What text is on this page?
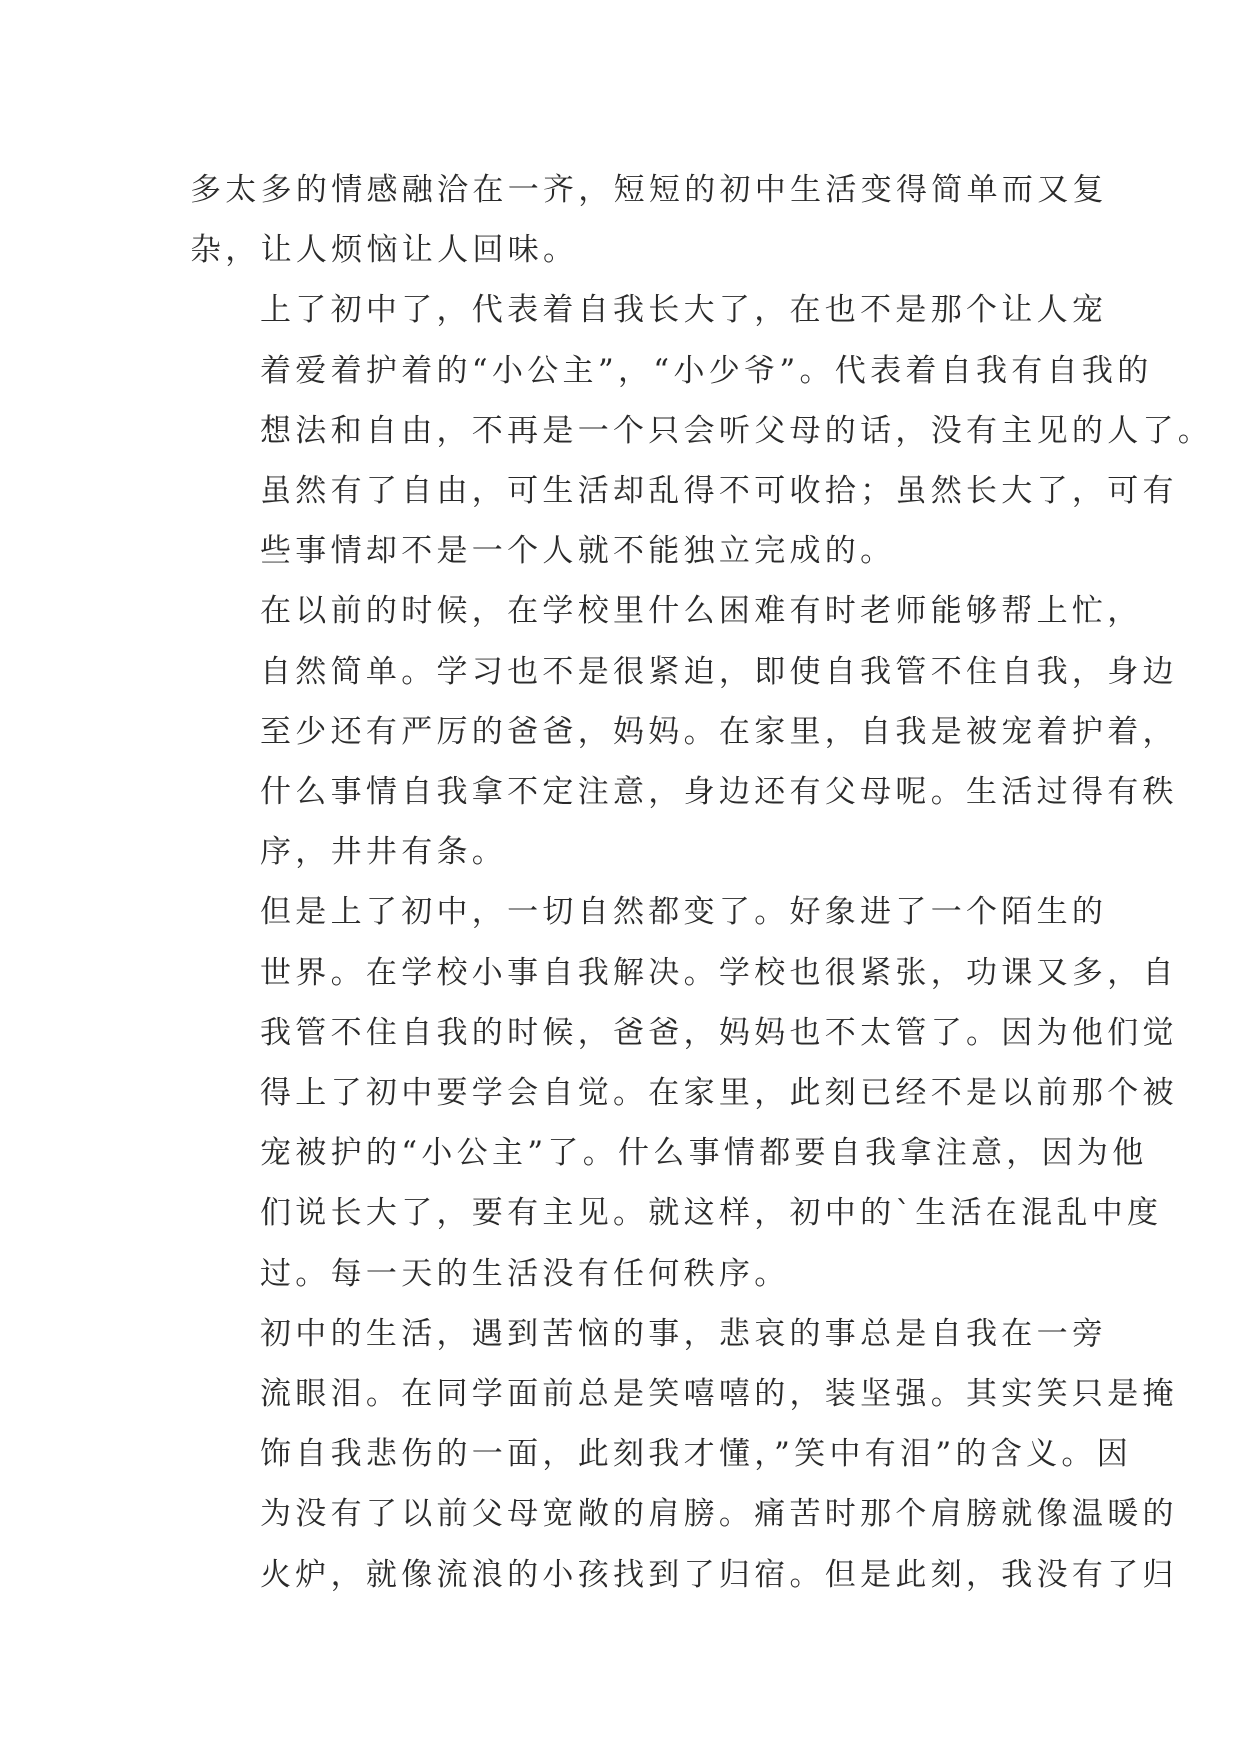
多太多的情感融洽在一齐，短短的初中生活变得简单而又复
杂，让人烦恼让人回味。
上了初中了，代表着自我长大了，在也不是那个让人宠
着爱着护着的“小公主”，“小少爷”。代表着自我有自我的
想法和自由，不再是一个只会听父母的话，没有主见的人了。
虽然有了自由，可生活却乱得不可收拾；虽然长大了，可有
些事情却不是一个人就不能独立完成的。
在以前的时候，在学校里什么困难有时老师能够帮上忙，
自然简单。学习也不是很紧迫，即使自我管不住自我，身边
至少还有严厉的爸爸，妈妈。在家里，自我是被宠着护着，
什么事情自我拿不定注意，身边还有父母呢。生活过得有秩
序，井井有条。
但是上了初中，一切自然都变了。好象进了一个陌生的
世界。在学校小事自我解决。学校也很紧张，功课又多，自
我管不住自我的时候，爸爸，妈妈也不太管了。因为他们觉
得上了初中要学会自觉。在家里，此刻已经不是以前那个被
宠被护的“小公主”了。什么事情都要自我拿注意，因为他
们说长大了，要有主见。就这样，初中的`生活在混乱中度
过。每一天的生活没有任何秩序。
初中的生活，遇到苦恼的事，悲哀的事总是自我在一旁
流眼泪。在同学面前总是笑嘻嘻的，装坚强。其实笑只是掩
饰自我悲伤的一面，此刻我才懂，”笑中有泪”的含义。因
为没有了以前父母宽敞的肩膀。痛苦时那个肩膀就像温暖的
火炉，就像流浪的小孩找到了归宿。但是此刻，我没有了归
